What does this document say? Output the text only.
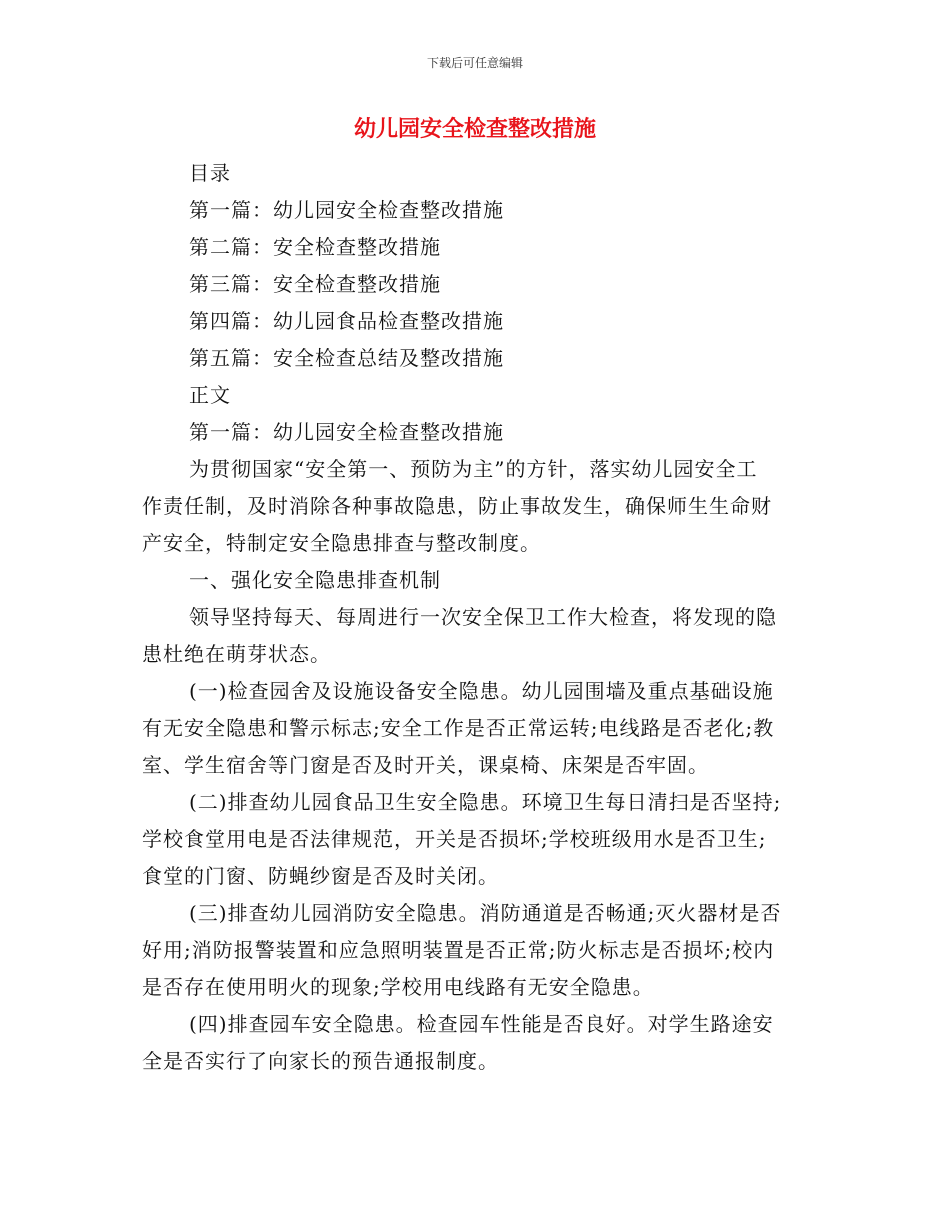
下载后可任意编辑
幼儿园安全检查整改措施
目录
第一篇：幼儿园安全检查整改措施
第二篇：安全检查整改措施
第三篇：安全检查整改措施
第四篇：幼儿园食品检查整改措施
第五篇：安全检查总结及整改措施
正文
第一篇：幼儿园安全检查整改措施
为贯彻国家“安全第一、预防为主”的方针，落实幼儿园安全工
作责任制，及时消除各种事故隐患，防止事故发生，确保师生生命财
产安全，特制定安全隐患排查与整改制度。
一、强化安全隐患排查机制
领导坚持每天、每周进行一次安全保卫工作大检查，将发现的隐
患杜绝在萌芽状态。
(一)检查园舍及设施设备安全隐患。幼儿园围墙及重点基础设施
有无安全隐患和警示标志;安全工作是否正常运转;电线路是否老化;教
室、学生宿舍等门窗是否及时开关，课桌椅、床架是否牢固。
(二)排查幼儿园食品卫生安全隐患。环境卫生每日清扫是否坚持;
学校食堂用电是否法律规范，开关是否损坏;学校班级用水是否卫生;
食堂的门窗、防蝇纱窗是否及时关闭。
(三)排查幼儿园消防安全隐患。消防通道是否畅通;灭火器材是否
好用;消防报警装置和应急照明装置是否正常;防火标志是否损坏;校内
是否存在使用明火的现象;学校用电线路有无安全隐患。
(四)排查园车安全隐患。检查园车性能是否良好。对学生路途安
全是否实行了向家长的预告通报制度。
